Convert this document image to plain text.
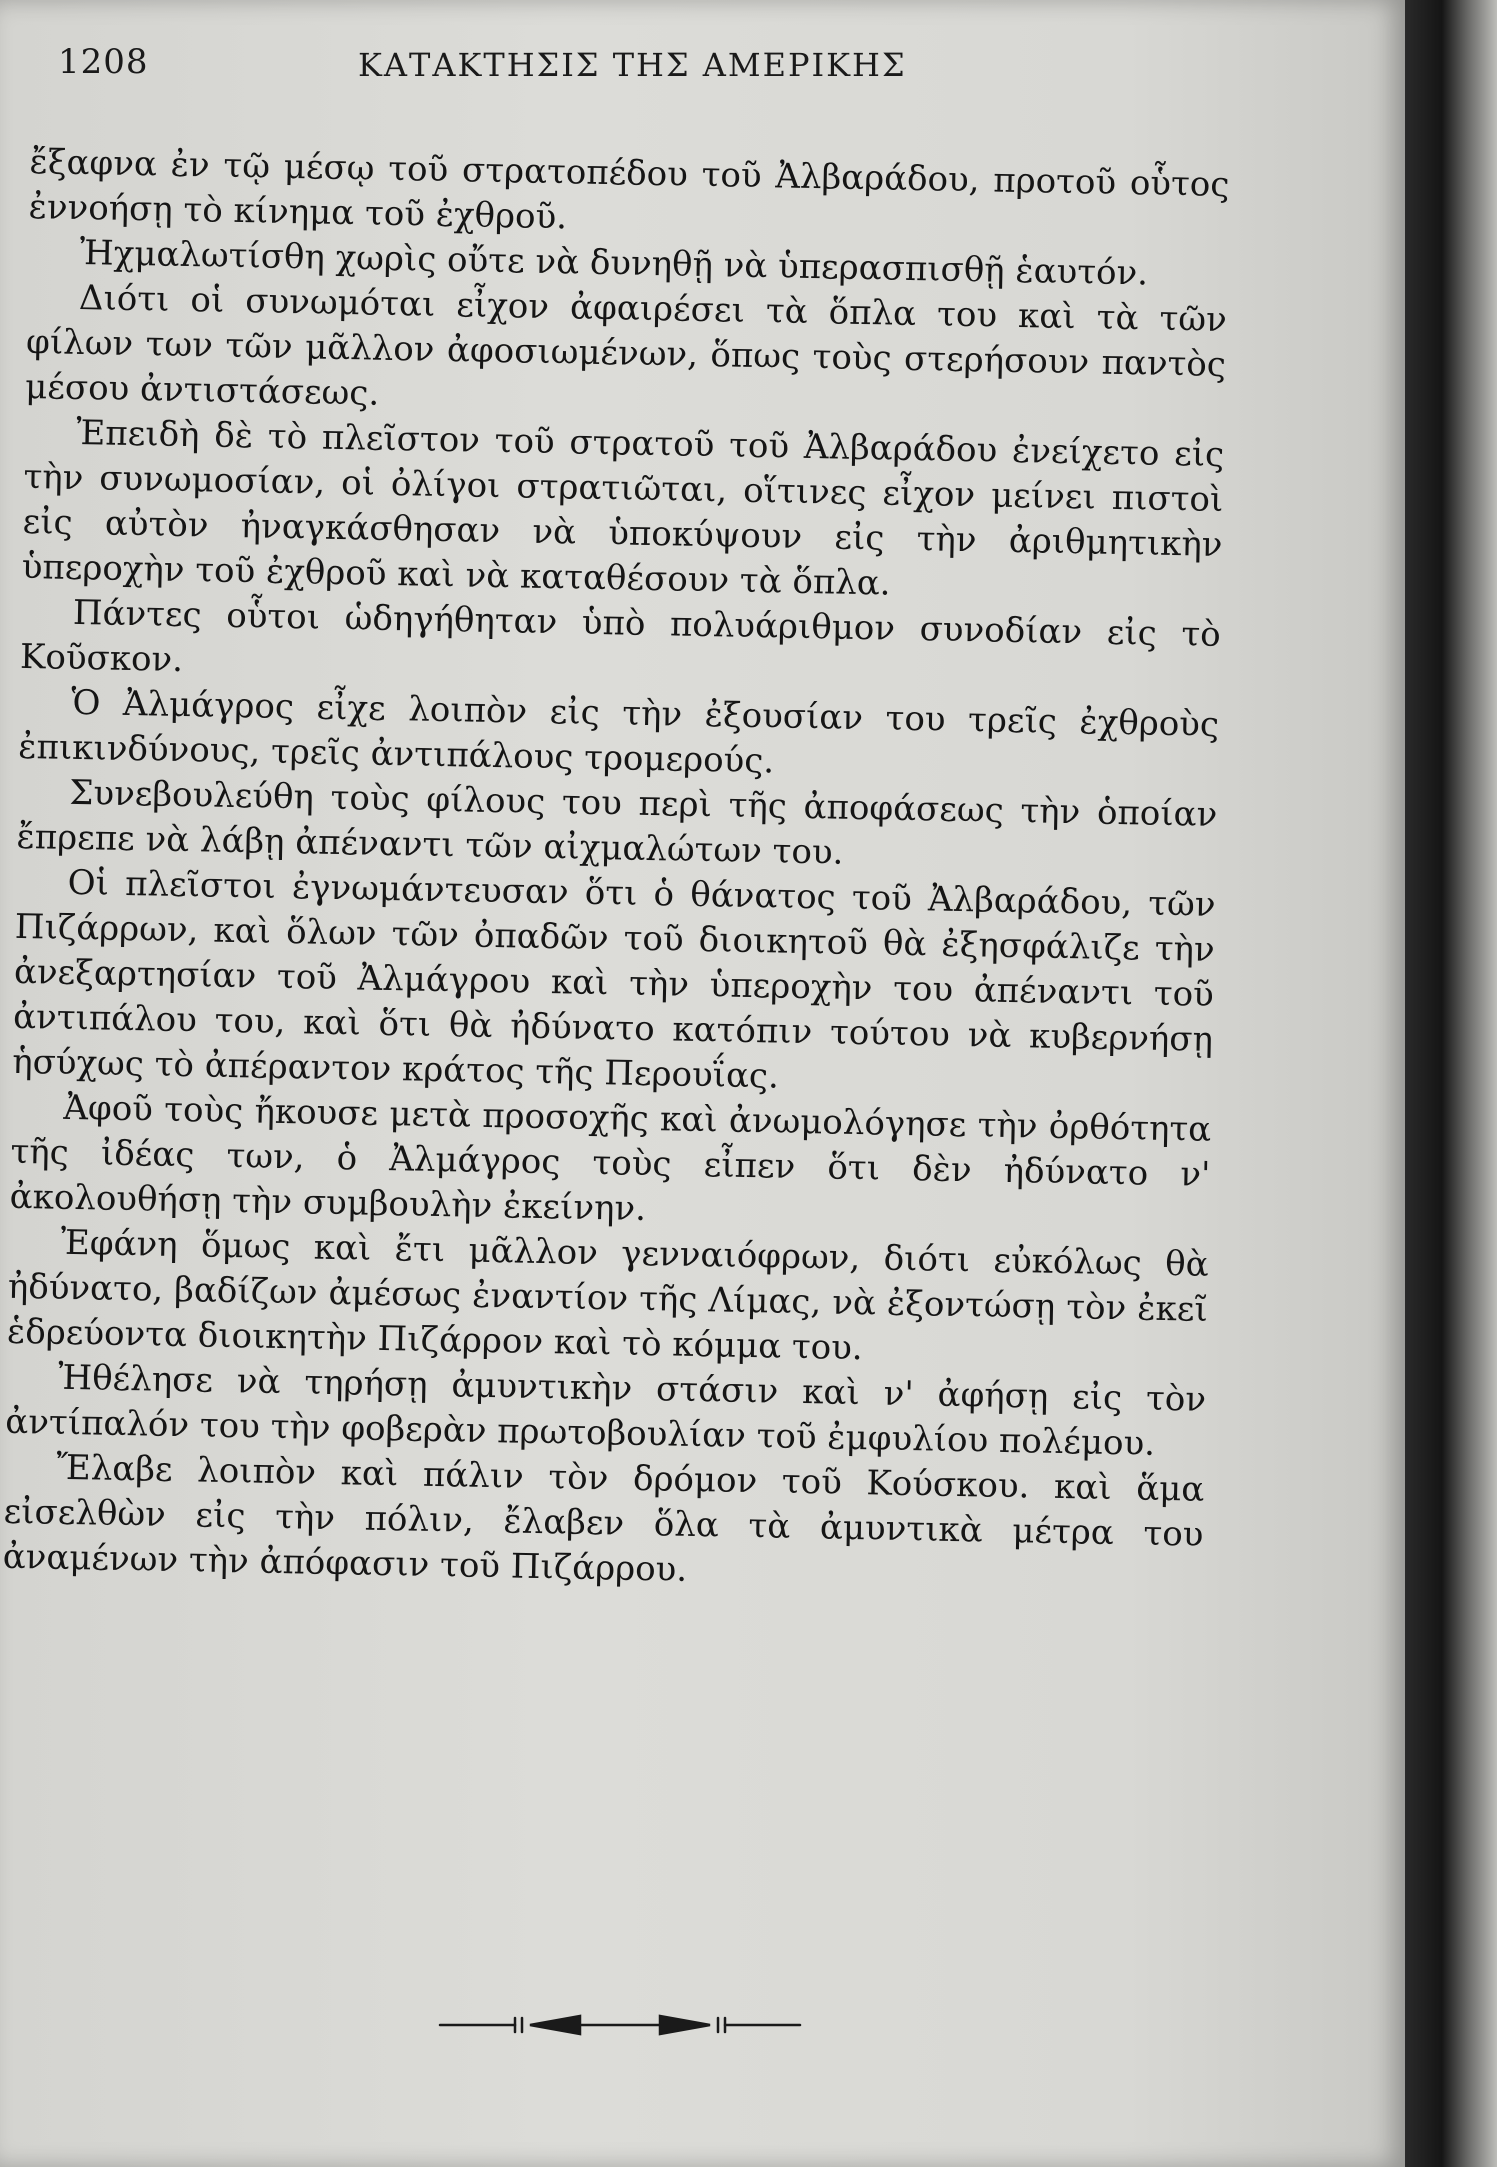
1208	ΚΑΤΑΚΤΗΣΙΣ ΤΗΣ ΑΜΕΡΙΚΗΣ

ἔξαφνα ἐν τῷ μέσῳ τοῦ στρατοπέδου τοῦ Ἀλβαράδου, προτοῦ οὗτος ἐννοήσῃ τὸ κίνημα τοῦ ἐχθροῦ.

Ἠχμαλωτίσθη χωρὶς οὔτε νὰ δυνηθῇ νὰ ὑπερασπισθῇ ἑαυτόν.

Διότι οἱ συνωμόται εἶχον ἀφαιρέσει τὰ ὅπλα του καὶ τὰ τῶν φίλων των τῶν μᾶλλον ἀφοσιωμένων, ὅπως τοὺς στερήσουν παντὸς μέσου ἀντιστάσεως.

Ἐπειδὴ δὲ τὸ πλεῖστον τοῦ στρατοῦ τοῦ Ἀλβαράδου ἐνείχετο εἰς τὴν συνωμοσίαν, οἱ ὀλίγοι στρατιῶται, οἵτινες εἶχον μείνει πιστοὶ εἰς αὐτὸν ἠναγκάσθησαν νὰ ὑποκύψουν εἰς τὴν ἀριθμητικὴν ὑπεροχὴν τοῦ ἐχθροῦ καὶ νὰ καταθέσουν τὰ ὅπλα.

Πάντες οὗτοι ὡδηγήθηταν ὑπὸ πολυάριθμον συνοδίαν εἰς τὸ Κοῦσκον.

Ὁ Ἀλμάγρος εἶχε λοιπὸν εἰς τὴν ἐξουσίαν του τρεῖς ἐχθροὺς ἐπικινδύνους, τρεῖς ἀντιπάλους τρομερούς.

Συνεβουλεύθη τοὺς φίλους του περὶ τῆς ἀποφάσεως τὴν ὁποίαν ἔπρεπε νὰ λάβῃ ἀπέναντι τῶν αἰχμαλώτων του.

Οἱ πλεῖστοι ἐγνωμάντευσαν ὅτι ὁ θάνατος τοῦ Ἀλβαράδου, τῶν Πιζάρρων, καὶ ὅλων τῶν ὀπαδῶν τοῦ διοικητοῦ θὰ ἐξησφάλιζε τὴν ἀνεξαρτησίαν τοῦ Ἀλμάγρου καὶ τὴν ὑπεροχὴν του ἀπέναντι τοῦ ἀντιπάλου του, καὶ ὅτι θὰ ἠδύνατο κατόπιν τούτου νὰ κυβερνήσῃ ἡσύχως τὸ ἀπέραντον κράτος τῆς Περουΐας.

Ἀφοῦ τοὺς ἤκουσε μετὰ προσοχῆς καὶ ἀνωμολόγησε τὴν ὀρθότητα τῆς ἰδέας των, ὁ Ἀλμάγρος τοὺς εἶπεν ὅτι δὲν ἠδύνατο ν' ἀκολουθήσῃ τὴν συμβουλὴν ἐκείνην.

Ἐφάνη ὅμως καὶ ἔτι μᾶλλον γενναιόφρων, διότι εὐκόλως θὰ ἠδύνατο, βαδίζων ἀμέσως ἐναντίον τῆς Λίμας, νὰ ἐξοντώσῃ τὸν ἐκεῖ ἑδρεύοντα διοικητὴν Πιζάρρον καὶ τὸ κόμμα του.

Ἠθέλησε νὰ τηρήσῃ ἀμυντικὴν στάσιν καὶ ν' ἀφήσῃ εἰς τὸν ἀντίπαλόν του τὴν φοβερὰν πρωτοβουλίαν τοῦ ἐμφυλίου πολέμου.

Ἔλαβε λοιπὸν καὶ πάλιν τὸν δρόμον τοῦ Κούσκου. καὶ ἅμα εἰσελθὼν εἰς τὴν πόλιν, ἔλαβεν ὅλα τὰ ἀμυντικὰ μέτρα του ἀναμένων τὴν ἀπόφασιν τοῦ Πιζάρρου.
